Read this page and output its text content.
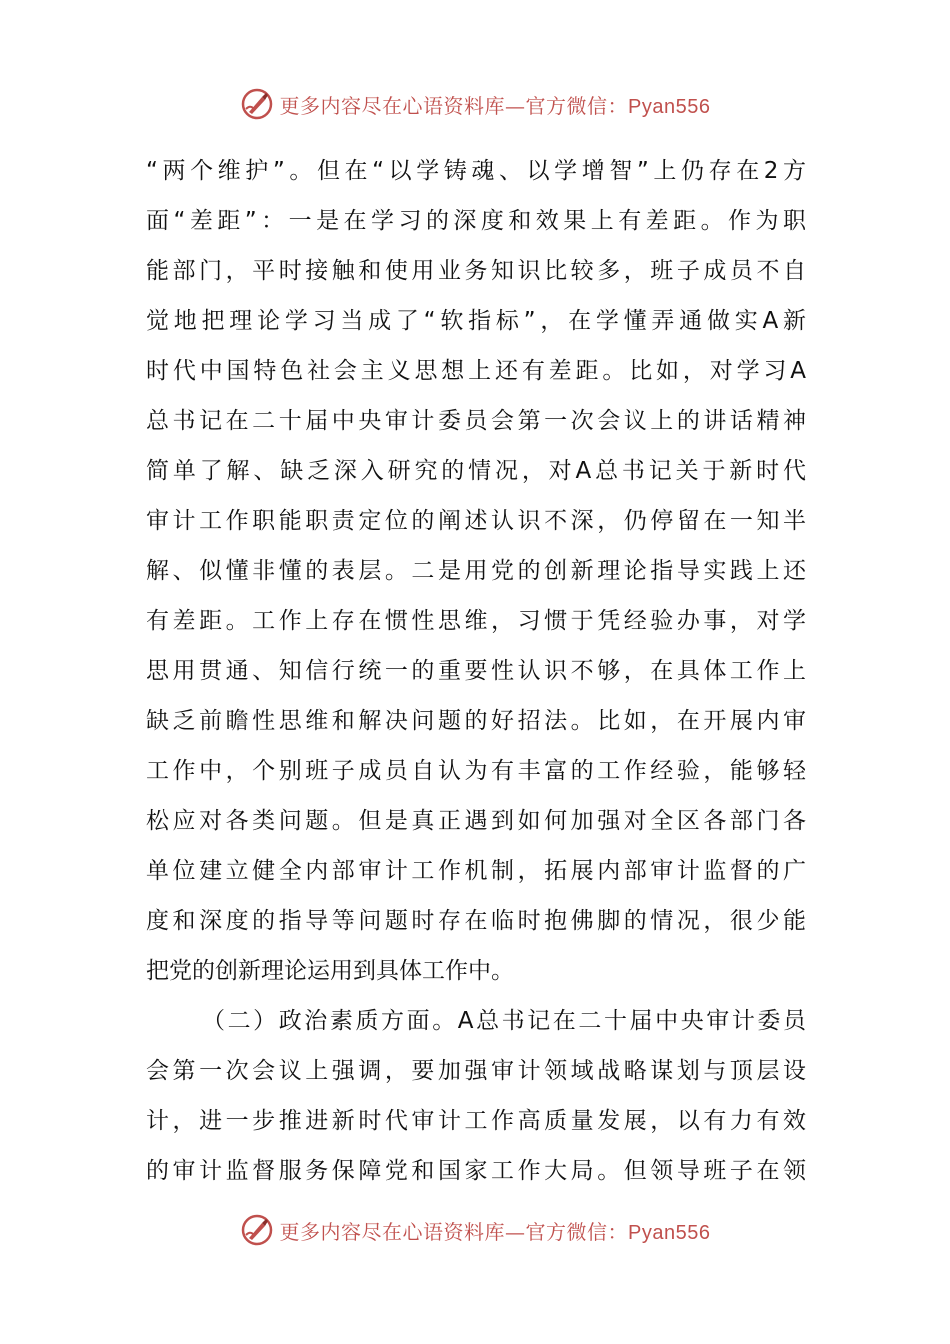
更多内容尽在心语资料库—官方微信：Pyan556
“两个维护”。但在“以学铸魂、以学增智”上仍存在2方
面“差距”：一是在学习的深度和效果上有差距。作为职
能部门，平时接触和使用业务知识比较多，班子成员不自
觉地把理论学习当成了“软指标”，在学懂弄通做实A新
时代中国特色社会主义思想上还有差距。比如，对学习A
总书记在二十届中央审计委员会第一次会议上的讲话精神
简单了解、缺乏深入研究的情况，对A总书记关于新时代
审计工作职能职责定位的阐述认识不深，仍停留在一知半
解、似懂非懂的表层。二是用党的创新理论指导实践上还
有差距。工作上存在惯性思维，习惯于凭经验办事，对学
思用贯通、知信行统一的重要性认识不够，在具体工作上
缺乏前瞻性思维和解决问题的好招法。比如，在开展内审
工作中，个别班子成员自认为有丰富的工作经验，能够轻
松应对各类问题。但是真正遇到如何加强对全区各部门各
单位建立健全内部审计工作机制，拓展内部审计监督的广
度和深度的指导等问题时存在临时抱佛脚的情况，很少能
把党的创新理论运用到具体工作中。
（二）政治素质方面。A总书记在二十届中央审计委员
会第一次会议上强调，要加强审计领域战略谋划与顶层设
计，进一步推进新时代审计工作高质量发展，以有力有效
的审计监督服务保障党和国家工作大局。但领导班子在领
更多内容尽在心语资料库—官方微信：Pyan556
